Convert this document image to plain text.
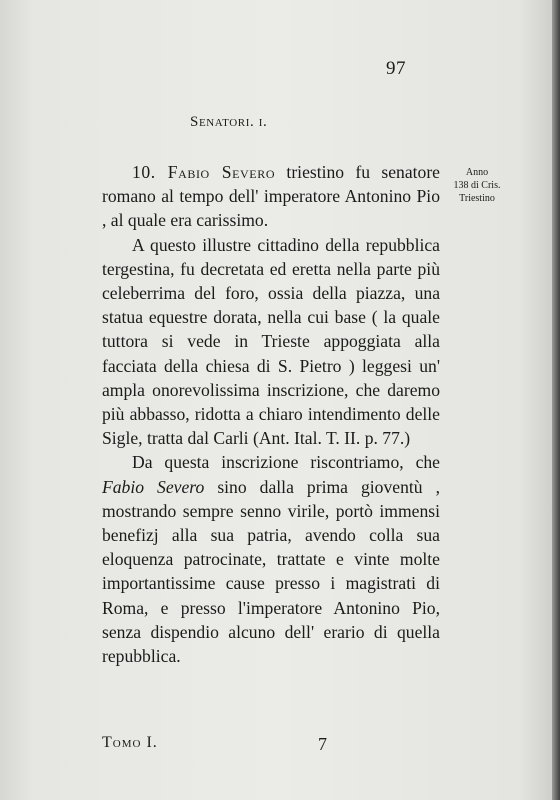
97
Senatori. i.
Anno
138 di Cris.
Triestino

10. Fabio Severo triestino fu senatore romano al tempo dell' imperatore Antonino Pio , al quale era carissimo.

A questo illustre cittadino della repubblica tergestina, fu decretata ed eretta nella parte più celeberrima del foro, ossia della piazza, una statua equestre dorata, nella cui base ( la quale tuttora si vede in Trieste appoggiata alla facciata della chiesa di S. Pietro ) leggesi un' ampla onorevolissima inscrizione, che daremo più abbasso, ridotta a chiaro intendimento delle Sigle, tratta dal Carli (Ant. Ital. T. II. p. 77.)

Da questa inscrizione riscontriamo, che Fabio Severo sino dalla prima gioventù , mostrando sempre senno virile, portò immensi benefizj alla sua patria, avendo colla sua eloquenza patrocinate, trattate e vinte molte importantissime cause presso i magistrati di Roma, e presso l'imperatore Antonino Pio, senza dispendio alcuno dell' erario di quella repubblica.

Tomo I.	7
